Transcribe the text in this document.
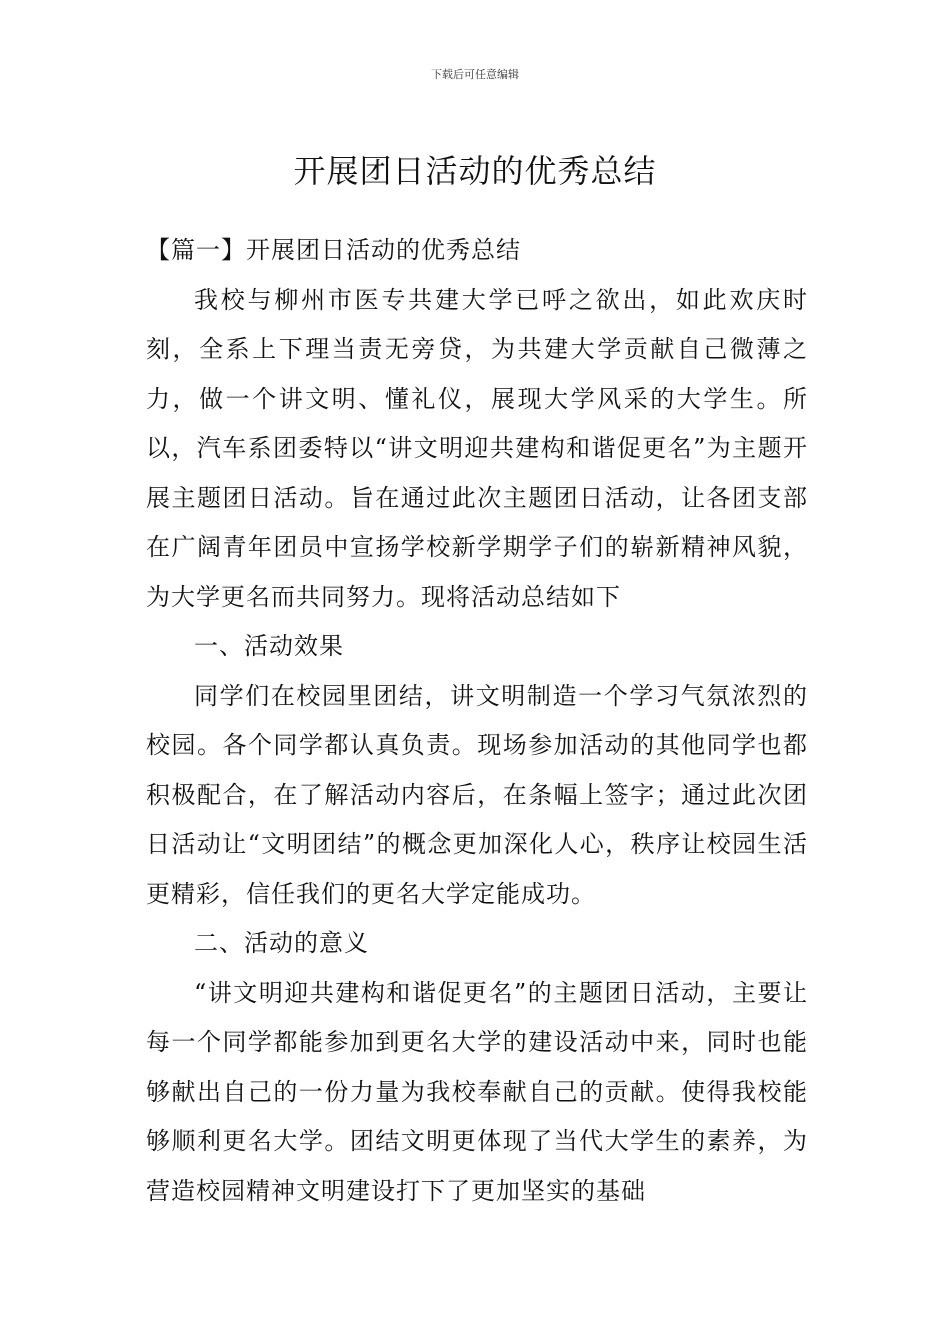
下载后可任意编辑
开展团日活动的优秀总结

【篇一】开展团日活动的优秀总结

我校与柳州市医专共建大学已呼之欲出，如此欢庆时刻，全系上下理当责无旁贷，为共建大学贡献自己微薄之力，做一个讲文明、懂礼仪，展现大学风采的大学生。所以，汽车系团委特以“讲文明迎共建构和谐促更名”为主题开展主题团日活动。旨在通过此次主题团日活动，让各团支部在广阔青年团员中宣扬学校新学期学子们的崭新精神风貌，为大学更名而共同努力。现将活动总结如下

一、活动效果

同学们在校园里团结，讲文明制造一个学习气氛浓烈的校园。各个同学都认真负责。现场参加活动的其他同学也都积极配合，在了解活动内容后，在条幅上签字；通过此次团日活动让“文明团结”的概念更加深化人心，秩序让校园生活更精彩，信任我们的更名大学定能成功。

二、活动的意义

“讲文明迎共建构和谐促更名”的主题团日活动，主要让每一个同学都能参加到更名大学的建设活动中来，同时也能够献出自己的一份力量为我校奉献自己的贡献。使得我校能够顺利更名大学。团结文明更体现了当代大学生的素养，为营造校园精神文明建设打下了更加坚实的基础
